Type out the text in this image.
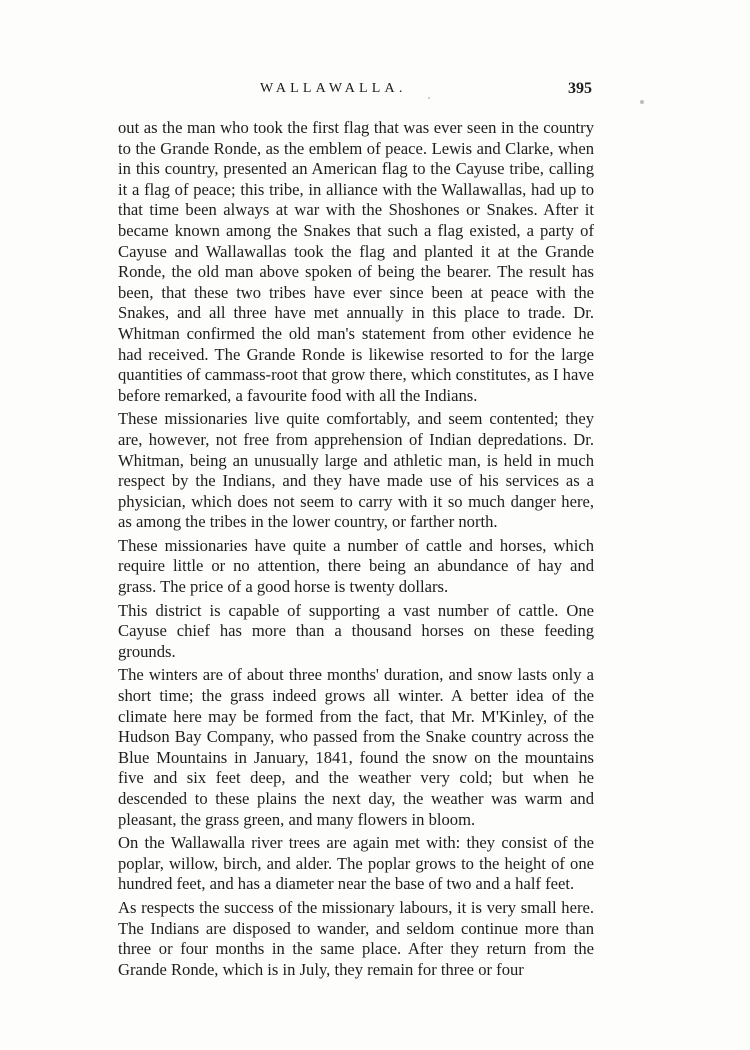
WALLAWALLA.	395

out as the man who took the first flag that was ever seen in the country to the Grande Ronde, as the emblem of peace. Lewis and Clarke, when in this country, presented an American flag to the Cayuse tribe, calling it a flag of peace; this tribe, in alliance with the Wallawallas, had up to that time been always at war with the Shoshones or Snakes. After it became known among the Snakes that such a flag existed, a party of Cayuse and Wallawallas took the flag and planted it at the Grande Ronde, the old man above spoken of being the bearer. The result has been, that these two tribes have ever since been at peace with the Snakes, and all three have met annually in this place to trade. Dr. Whitman confirmed the old man's statement from other evidence he had received. The Grande Ronde is likewise resorted to for the large quantities of cammass-root that grow there, which constitutes, as I have before remarked, a favourite food with all the Indians.

These missionaries live quite comfortably, and seem contented; they are, however, not free from apprehension of Indian depredations. Dr. Whitman, being an unusually large and athletic man, is held in much respect by the Indians, and they have made use of his services as a physician, which does not seem to carry with it so much danger here, as among the tribes in the lower country, or farther north.

These missionaries have quite a number of cattle and horses, which require little or no attention, there being an abundance of hay and grass. The price of a good horse is twenty dollars.

This district is capable of supporting a vast number of cattle. One Cayuse chief has more than a thousand horses on these feeding grounds.

The winters are of about three months' duration, and snow lasts only a short time; the grass indeed grows all winter. A better idea of the climate here may be formed from the fact, that Mr. M'Kinley, of the Hudson Bay Company, who passed from the Snake country across the Blue Mountains in January, 1841, found the snow on the mountains five and six feet deep, and the weather very cold; but when he descended to these plains the next day, the weather was warm and pleasant, the grass green, and many flowers in bloom.

On the Wallawalla river trees are again met with: they consist of the poplar, willow, birch, and alder. The poplar grows to the height of one hundred feet, and has a diameter near the base of two and a half feet.

As respects the success of the missionary labours, it is very small here. The Indians are disposed to wander, and seldom continue more than three or four months in the same place. After they return from the Grande Ronde, which is in July, they remain for three or four
